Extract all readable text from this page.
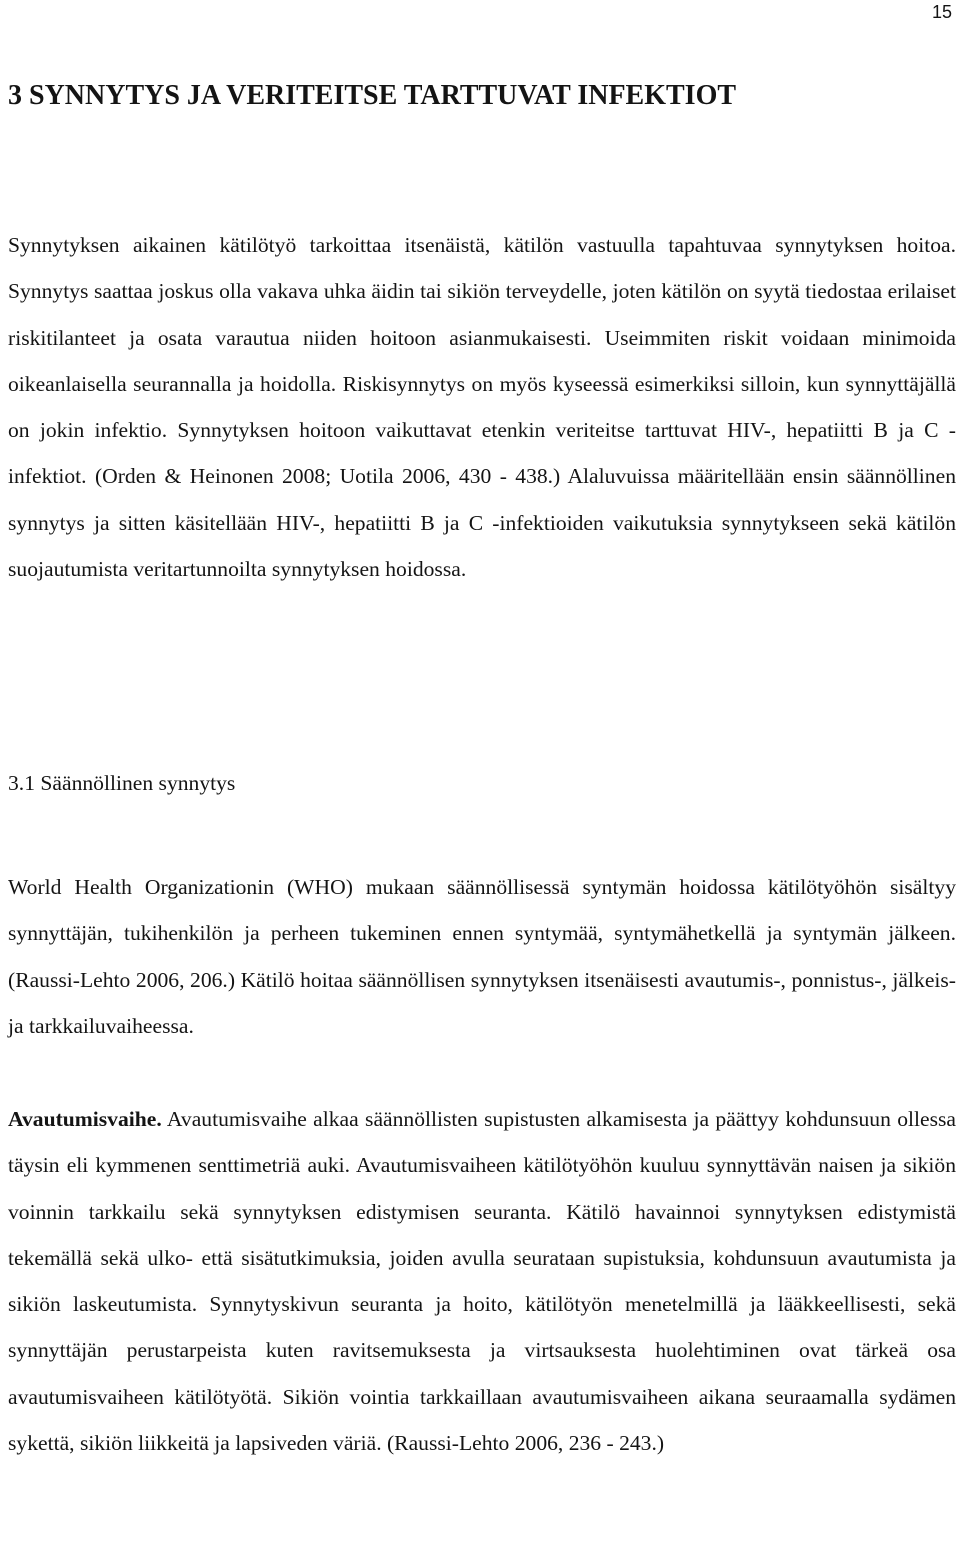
15
3 SYNNYTYS JA VERITEITSE TARTTUVAT INFEKTIOT

Synnytyksen aikainen kätilötyö tarkoittaa itsenäistä, kätilön vastuulla tapahtuvaa synnytyksen hoitoa. Synnytys saattaa joskus olla vakava uhka äidin tai sikiön terveydelle, joten kätilön on syytä tiedostaa erilaiset riskitilanteet ja osata varautua niiden hoitoon asianmukaisesti. Useimmiten riskit voidaan minimoida oikeanlaisella seurannalla ja hoidolla. Riskisynnytys on myös kyseessä esimerkiksi silloin, kun synnyttäjällä on jokin infektio. Synnytyksen hoitoon vaikuttavat etenkin veriteitse tarttuvat HIV-, hepatiitti B ja C -infektiot. (Orden & Heinonen 2008; Uotila 2006, 430 - 438.) Alaluvuissa määritellään ensin säännöllinen synnytys ja sitten käsitellään HIV-, hepatiitti B ja C -infektioiden vaikutuksia synnytykseen sekä kätilön suojautumista veritartunnoilta synnytyksen hoidossa.

3.1 Säännöllinen synnytys

World Health Organizationin (WHO) mukaan säännöllisessä syntymän hoidossa kätilötyöhön sisältyy synnyttäjän, tukihenkilön ja perheen tukeminen ennen syntymää, syntymähetkellä ja syntymän jälkeen. (Raussi-Lehto 2006, 206.) Kätilö hoitaa säännöllisen synnytyksen itsenäisesti avautumis-, ponnistus-, jälkeis- ja tarkkailuvaiheessa.

Avautumisvaihe. Avautumisvaihe alkaa säännöllisten supistusten alkamisesta ja päättyy kohdunsuun ollessa täysin eli kymmenen senttimetriä auki. Avautumisvaiheen kätilötyöhön kuuluu synnyttävän naisen ja sikiön voinnin tarkkailu sekä synnytyksen edistymisen seuranta. Kätilö havainnoi synnytyksen edistymistä tekemällä sekä ulko- että sisätutkimuksia, joiden avulla seurataan supistuksia, kohdunsuun avautumista ja sikiön laskeutumista. Synnytyskivun seuranta ja hoito, kätilötyön menetelmillä ja lääkkeellisesti, sekä synnyttäjän perustarpeista kuten ravitsemuksesta ja virtsauksesta huolehtiminen ovat tärkeä osa avautumisvaiheen kätilötyötä. Sikiön vointia tarkkaillaan avautumisvaiheen aikana seuraamalla sydämen sykettä, sikiön liikkeitä ja lapsiveden väriä. (Raussi-Lehto 2006, 236 - 243.)
